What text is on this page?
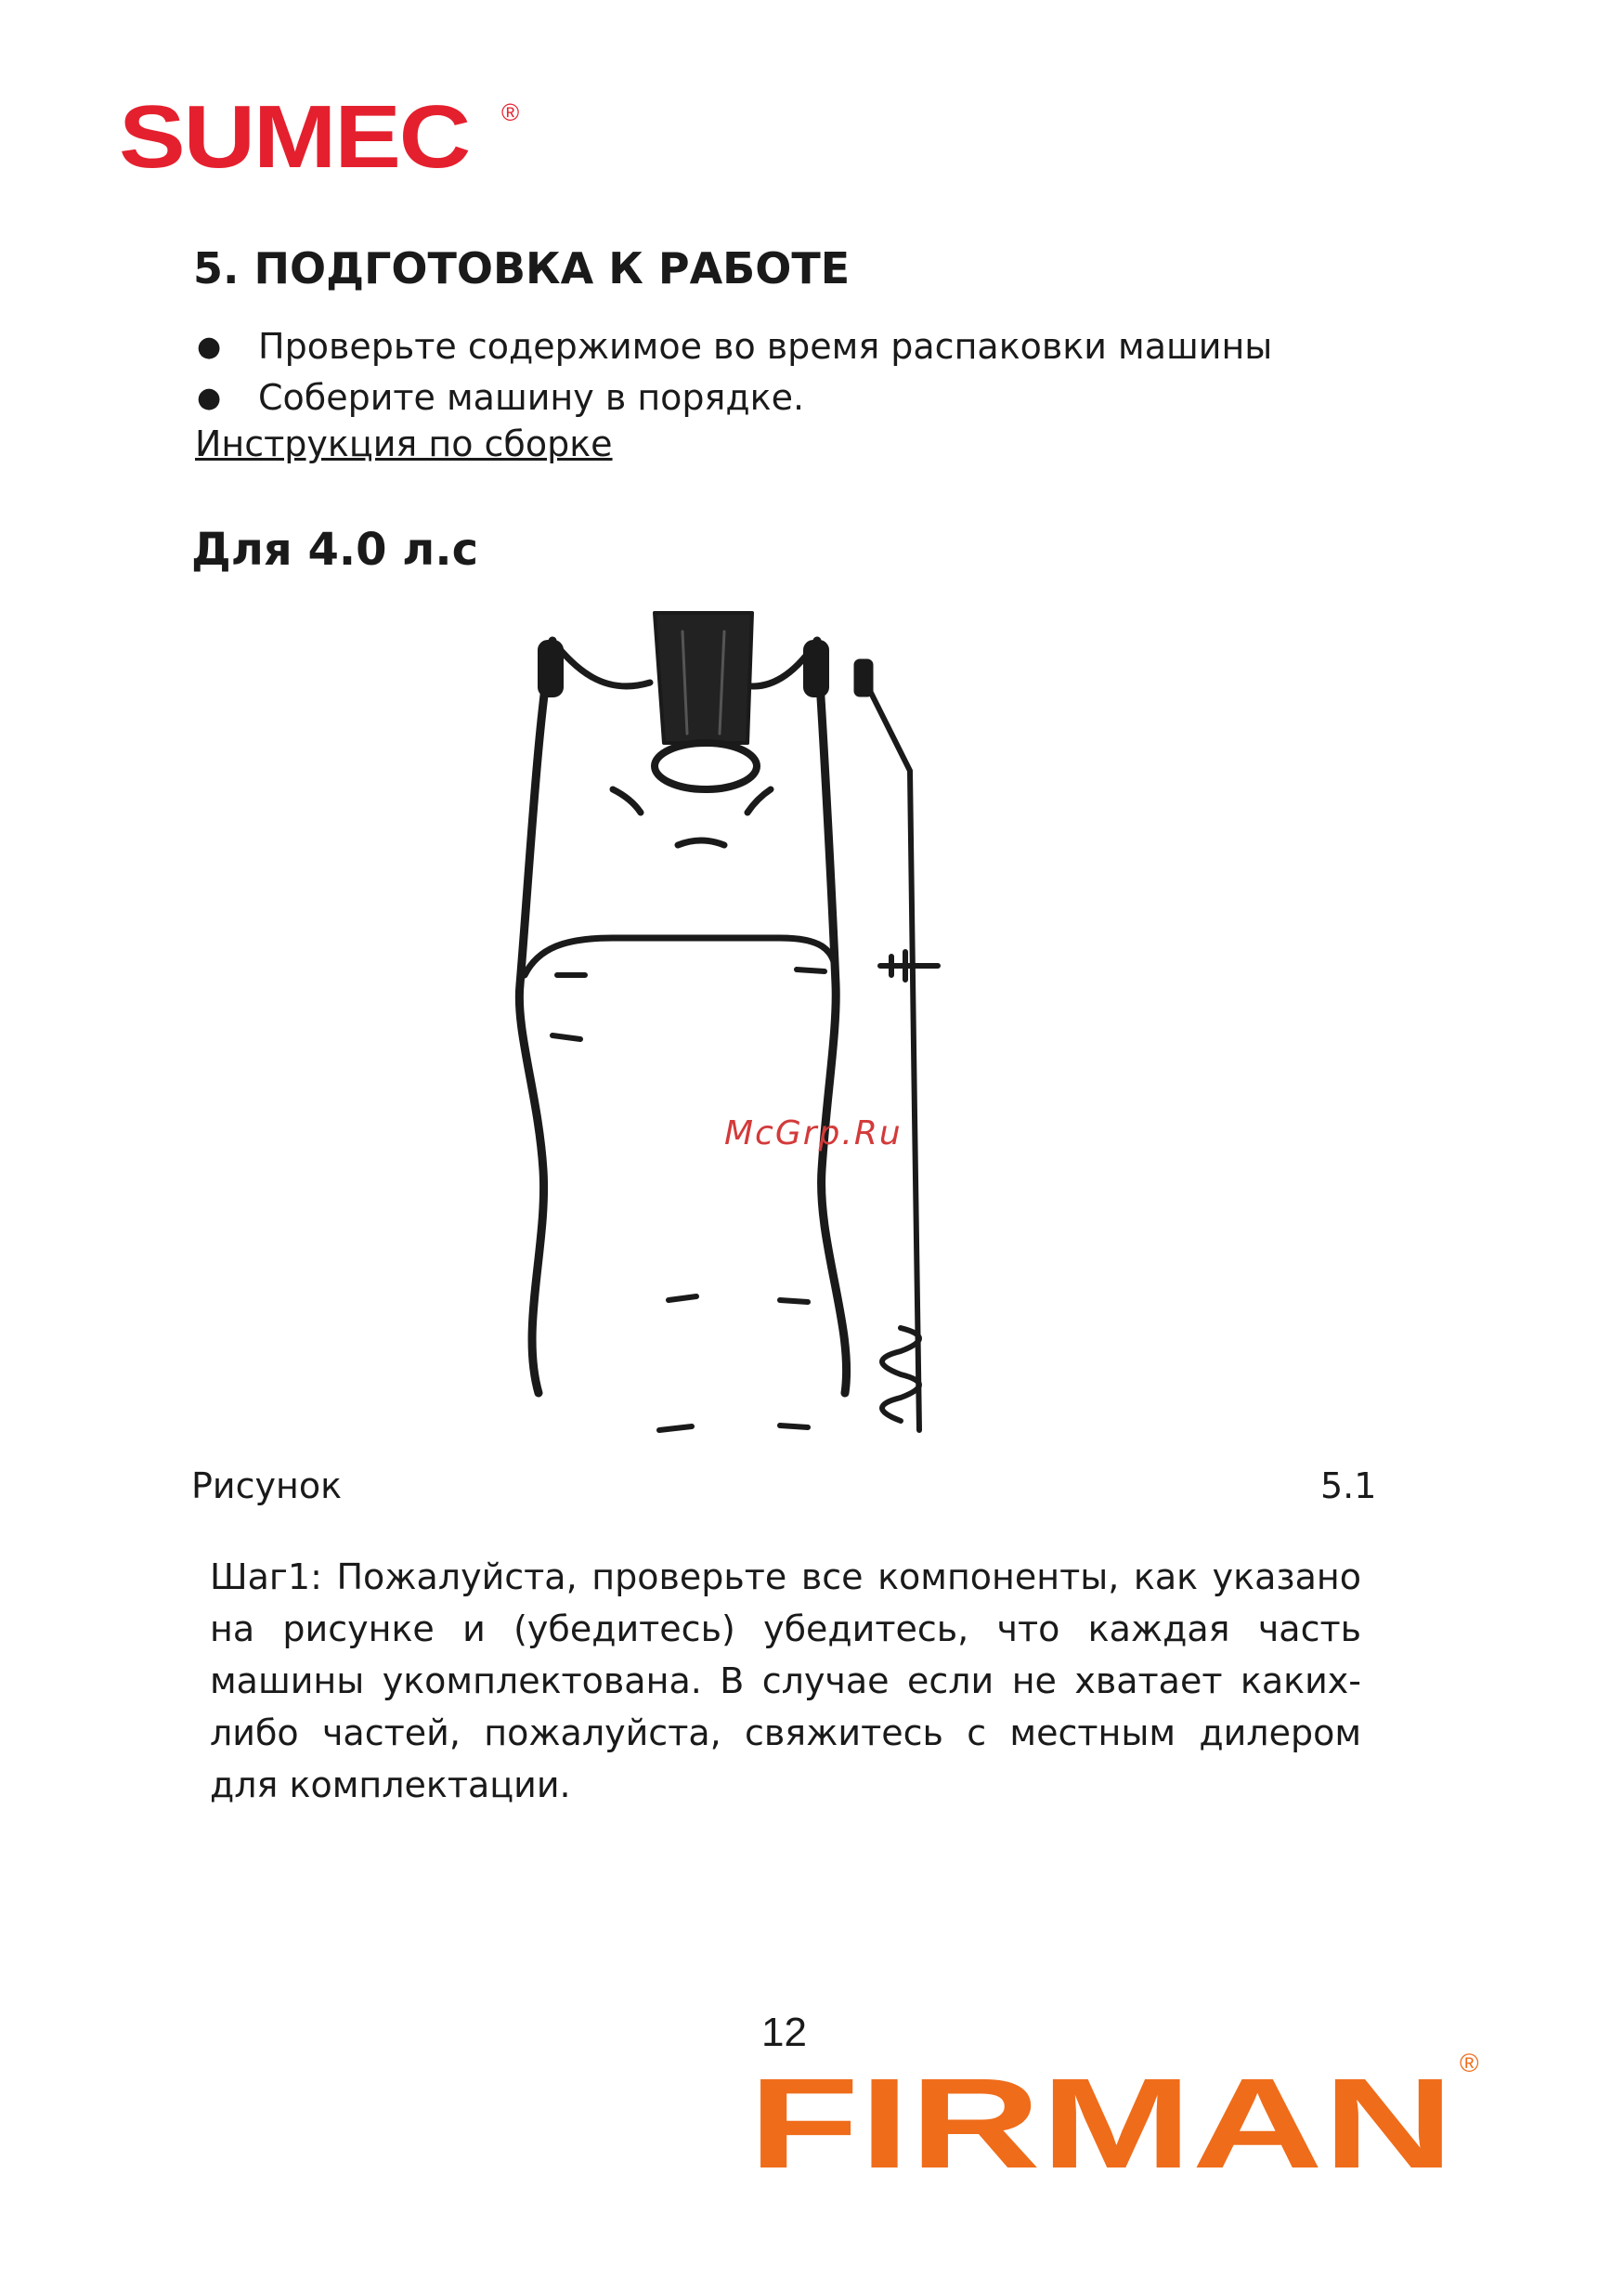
SUMEC ®
5. ПОДГОТОВКА К РАБОТЕ
● Проверьте содержимое во время распаковки машины
● Соберите машину в порядке.
Инструкция по сборке
Для 4.0 л.с
McGrp.Ru
Рисунок	5.1

Шаг1: Пожалуйста, проверьте все компоненты, как указано на рисунке и (убедитесь) убедитесь, что каждая часть машины укомплектована. В случае если не хватает каких-либо частей, пожалуйста, свяжитесь с местным дилером для комплектации.

12
FIRMAN ®
